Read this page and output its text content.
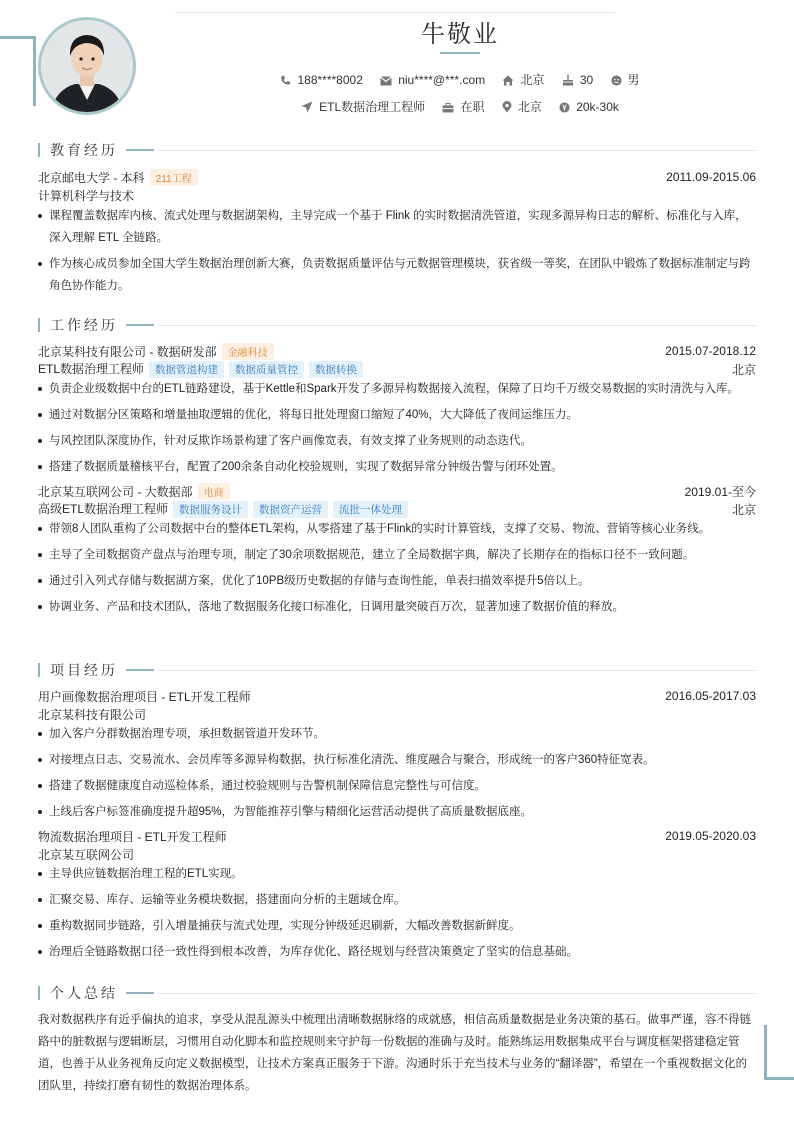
牛敬业
188****8002	niu****@***.com	北京	30	男
ETL数据治理工程师	在职	北京	20k-30k
教育经历
北京邮电大学 - 本科 211工程	2011.09-2015.06
计算机科学与技术
课程覆盖数据库内核、流式处理与数据湖架构，主导完成一个基于 Flink 的实时数据清洗管道，实现多源异构日志的解析、标准化与入库，深入理解 ETL 全链路。
作为核心成员参加全国大学生数据治理创新大赛，负责数据质量评估与元数据管理模块，获省级一等奖，在团队中锻炼了数据标准制定与跨角色协作能力。
工作经历
北京某科技有限公司 - 数据研发部 金融科技	2015.07-2018.12
ETL数据治理工程师 数据管道构建 数据质量管控 数据转换	北京
负责企业级数据中台的ETL链路建设，基于Kettle和Spark开发了多源异构数据接入流程，保障了日均千万级交易数据的实时清洗与入库。
通过对数据分区策略和增量抽取逻辑的优化，将每日批处理窗口缩短了40%，大大降低了夜间运维压力。
与风控团队深度协作，针对反欺诈场景构建了客户画像宽表，有效支撑了业务规则的动态迭代。
搭建了数据质量稽核平台，配置了200余条自动化校验规则，实现了数据异常分钟级告警与闭环处置。
北京某互联网公司 - 大数据部 电商	2019.01-至今
高级ETL数据治理工程师 数据服务设计 数据资产运营 流批一体处理	北京
带领8人团队重构了公司数据中台的整体ETL架构，从零搭建了基于Flink的实时计算管线，支撑了交易、物流、营销等核心业务线。
主导了全司数据资产盘点与治理专项，制定了30余项数据规范，建立了全局数据字典，解决了长期存在的指标口径不一致问题。
通过引入列式存储与数据湖方案，优化了10PB级历史数据的存储与查询性能，单表扫描效率提升5倍以上。
协调业务、产品和技术团队，落地了数据服务化接口标准化，日调用量突破百万次，显著加速了数据价值的释放。
项目经历
用户画像数据治理项目 - ETL开发工程师	2016.05-2017.03
北京某科技有限公司
加入客户分群数据治理专项，承担数据管道开发环节。
对接埋点日志、交易流水、会员库等多源异构数据，执行标准化清洗、维度融合与聚合，形成统一的客户360特征宽表。
搭建了数据健康度自动巡检体系，通过校验规则与告警机制保障信息完整性与可信度。
上线后客户标签准确度提升超95%，为智能推荐引擎与精细化运营活动提供了高质量数据底座。
物流数据治理项目 - ETL开发工程师	2019.05-2020.03
北京某互联网公司
主导供应链数据治理工程的ETL实现。
汇聚交易、库存、运输等业务模块数据，搭建面向分析的主题域仓库。
重构数据同步链路，引入增量捕获与流式处理，实现分钟级延迟刷新，大幅改善数据新鲜度。
治理后全链路数据口径一致性得到根本改善，为库存优化、路径规划与经营决策奠定了坚实的信息基础。
个人总结
我对数据秩序有近乎偏执的追求，享受从混乱源头中梳理出清晰数据脉络的成就感，相信高质量数据是业务决策的基石。做事严谨，容不得链路中的脏数据与逻辑断层，习惯用自动化脚本和监控规则来守护每一份数据的准确与及时。能熟练运用数据集成平台与调度框架搭建稳定管道，也善于从业务视角反向定义数据模型，让技术方案真正服务于下游。沟通时乐于充当技术与业务的“翻译器”，希望在一个重视数据文化的团队里，持续打磨有韧性的数据治理体系。
